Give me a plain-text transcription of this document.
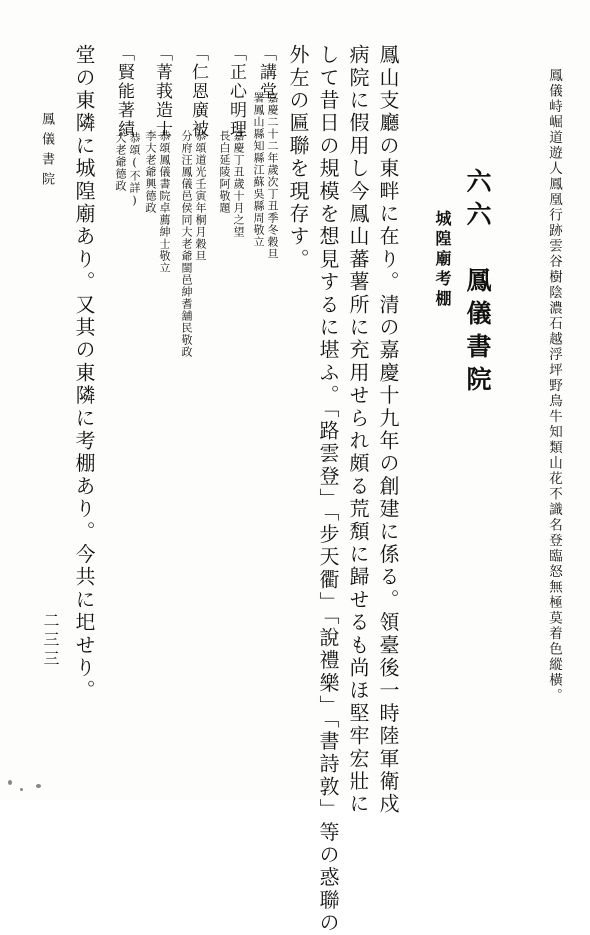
鳳儀峙崛道遊人鳳凰行跡雲谷樹陰濃石越浮坪野鳥牛知類山花不識名登臨怒無極莫着色縱橫。
六六　鳳儀書院
城隍廟考棚
鳳山支廳の東畔に在り。清の嘉慶十九年の創建に係る。領臺後一時陸軍衛戍
病院に假用し今鳳山蕃薯所に充用せられ頗る荒頽に歸せるも尚ほ堅牢宏壯に
して昔日の規模を想見するに堪ふ。「路雲登」「步天衢」「說禮樂」「書詩敦」等の惑聯の
外左の匾聯を現存す。
「講堂
嘉慶二十二年歲次丁丑季冬穀旦
署鳳山縣知縣江蘇吳縣周敬立
「正心明理
嘉慶丁丑歲十月之望
長白延陵阿敬題
「仁恩廣被
恭頌道光壬寅年桐月穀旦
分府汪鳳儀邑侯同大老爺閩邑紳耆舖民敬政
「菁莪造士
恭頌鳳儀書院卓薦紳士敬立
李大老爺興德政
「賢能著績
恭頌(不詳)
大老爺德政
堂の東隣に城隍廟あり。又其の東隣に考棚あり。今共に圯せり。
鳳儀書院
二三三
